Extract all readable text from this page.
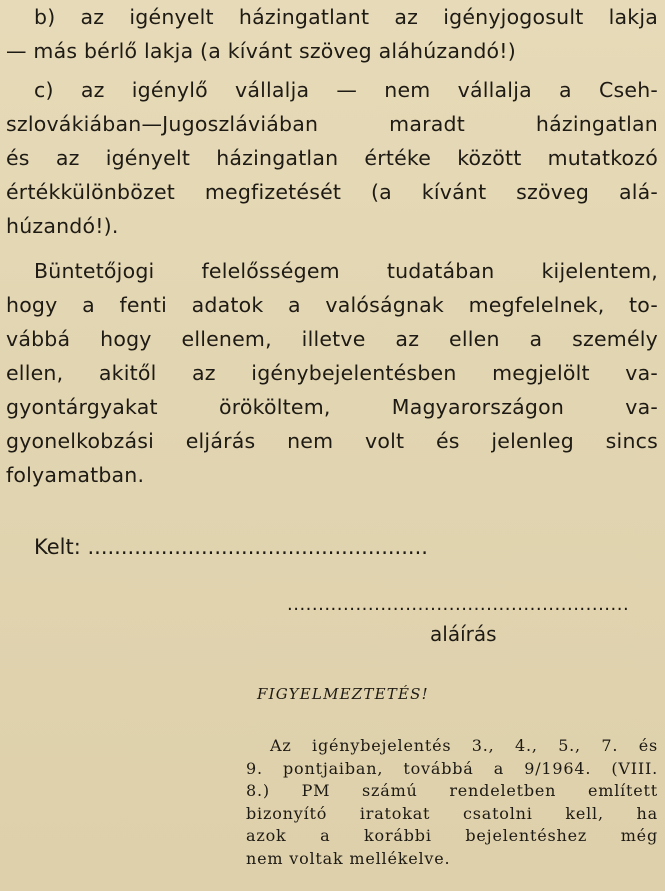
b) az igényelt házingatlant az igényjogosult lakja
— más bérlő lakja (a kívánt szöveg aláhúzandó!)
c) az igénylő vállalja — nem vállalja a Cseh-
szlovákiában—Jugoszláviában maradt házingatlan
és az igényelt házingatlan értéke között mutatkozó
értékkülönbözet megfizetését (a kívánt szöveg alá-
húzandó!).
Büntetőjogi felelősségem tudatában kijelentem,
hogy a fenti adatok a valóságnak megfelelnek, to-
vábbá hogy ellenem, illetve az ellen a személy
ellen, akitől az igénybejelentésben megjelölt va-
gyontárgyakat örököltem, Magyarországon va-
gyonelkobzási eljárás nem volt és jelenleg sincs
folyamatban.
Kelt: ...................................................
.......................................................
aláírás
FIGYELMEZTETÉS!
Az igénybejelentés 3., 4., 5., 7. és
9. pontjaiban, továbbá a 9/1964. (VIII.
8.) PM számú rendeletben említett
bizonyító iratokat csatolni kell, ha
azok a korábbi bejelentéshez még
nem voltak mellékelve.
